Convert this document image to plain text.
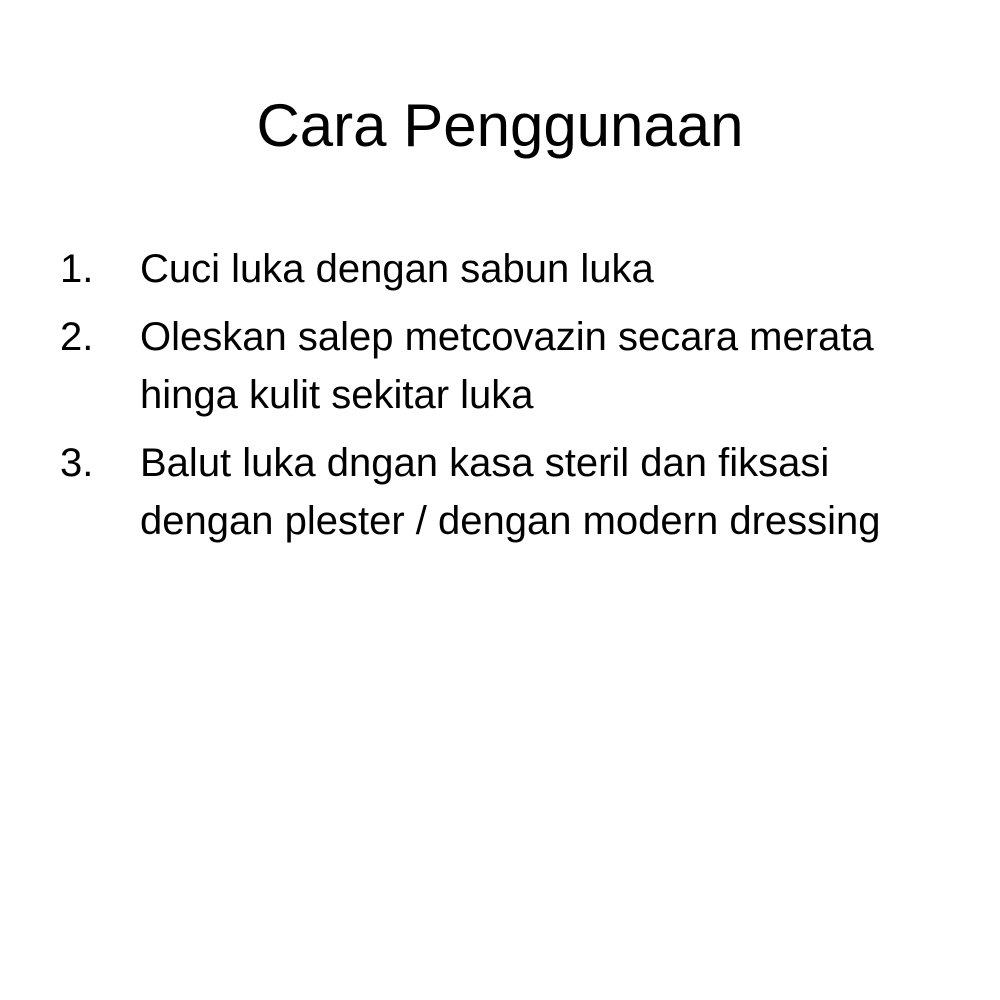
Cara Penggunaan
1.	Cuci luka dengan sabun luka
2.	Oleskan salep metcovazin secara merata hinga kulit sekitar luka
3.	Balut luka dngan kasa steril dan fiksasi dengan plester / dengan modern dressing
